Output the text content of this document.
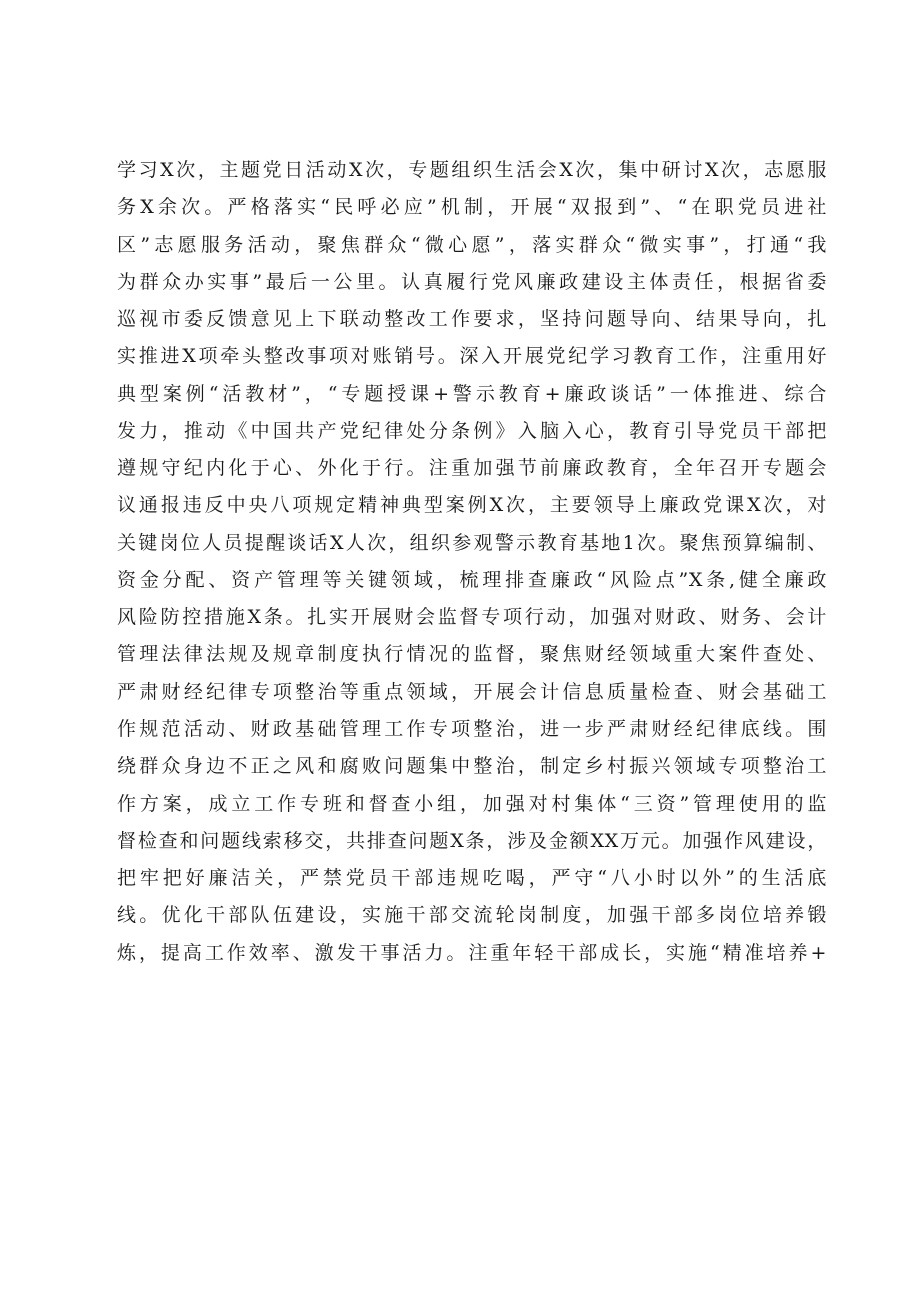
学习X次，主题党日活动X次，专题组织生活会X次，集中研讨X次，志愿服
务X余次。严格落实“民呼必应”机制，开展“双报到”、“在职党员进社
区”志愿服务活动，聚焦群众“微心愿”，落实群众“微实事”，打通“我
为群众办实事”最后一公里。认真履行党风廉政建设主体责任，根据省委
巡视市委反馈意见上下联动整改工作要求，坚持问题导向、结果导向，扎
实推进X项牵头整改事项对账销号。深入开展党纪学习教育工作，注重用好
典型案例“活教材”，“专题授课+警示教育+廉政谈话”一体推进、综合
发力，推动《中国共产党纪律处分条例》入脑入心，教育引导党员干部把
遵规守纪内化于心、外化于行。注重加强节前廉政教育，全年召开专题会
议通报违反中央八项规定精神典型案例X次，主要领导上廉政党课X次，对
关键岗位人员提醒谈话X人次，组织参观警示教育基地1次。聚焦预算编制、
资金分配、资产管理等关键领域，梳理排查廉政“风险点”X条,健全廉政
风险防控措施X条。扎实开展财会监督专项行动，加强对财政、财务、会计
管理法律法规及规章制度执行情况的监督，聚焦财经领域重大案件查处、
严肃财经纪律专项整治等重点领域，开展会计信息质量检查、财会基础工
作规范活动、财政基础管理工作专项整治，进一步严肃财经纪律底线。围
绕群众身边不正之风和腐败问题集中整治，制定乡村振兴领域专项整治工
作方案，成立工作专班和督查小组，加强对村集体“三资”管理使用的监
督检查和问题线索移交，共排查问题X条，涉及金额XX万元。加强作风建设，
把牢把好廉洁关，严禁党员干部违规吃喝，严守“八小时以外”的生活底
线。优化干部队伍建设，实施干部交流轮岗制度，加强干部多岗位培养锻
炼，提高工作效率、激发干事活力。注重年轻干部成长，实施“精准培养+
